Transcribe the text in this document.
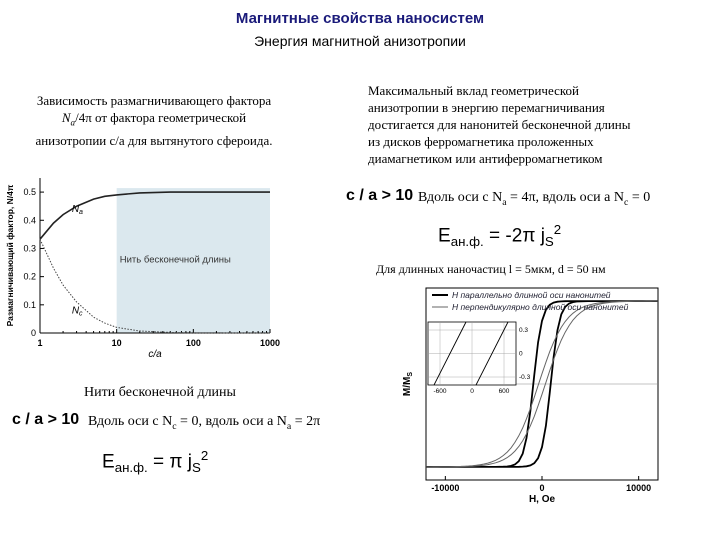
Магнитные свойства наносистем
Энергия магнитной анизотропии
Зависимость размагничивающего фактора
$N_a/4\pi$ от фактора геометрической
анизотропии c/a для вытянутого сфероида.
Максимальный вклад геометрической
анизотропии в энергию перемагничивания
достигается для нанонитей бесконечной длины
из дисков ферромагнетика проложенных
диамагнетиком или антиферромагнетиком
c / a > 10 Вдоль оси с $N_a = 4\pi$, вдоль оси а $N_c = 0$
$E_{ан.ф.} = -2\pi$ $j_S^2$
Для длинных наночастиц l = 5мкм, d = 50 нм
0
0.1
0.2
0.3
0.4
0.5
1	10	100	1000
$N_a$
$N_c$
Нить бесконечной длины
c/a
Размагничивающий фактор, N/4π
Нити бесконечной длины
c / a > 10 Вдоль оси с $N_c = 0$, вдоль оси а $N_a = 2\pi$
$E_{ан.ф.} = \pi$ $j_S^2$
-10000	0	10000
H, Oe
$M/M_S$
H параллельно длинной оси нанонитей
H перпендикулярно длинной оси нанонитей
-600	0	600
0.3
0
-0.3
